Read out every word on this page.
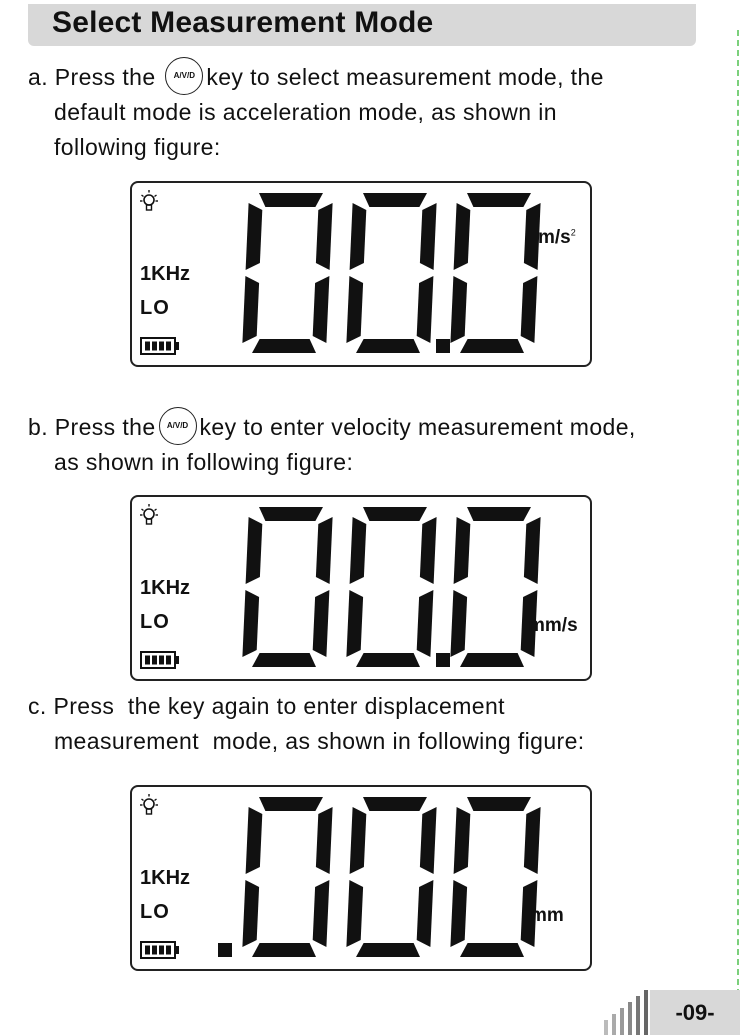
Select Measurement Mode
a. Press the A/V/D key to select measurement mode, the
default mode is acceleration mode, as shown in
following figure:
1KHz
LO
$m/s^2$
b. Press the A/V/D key to enter velocity measurement mode,
as shown in following figure:
1KHz
LO	mm/s
c. Press  the key again to enter displacement
measurement  mode, as shown in following figure:
1KHz
LO	mm
-09-
